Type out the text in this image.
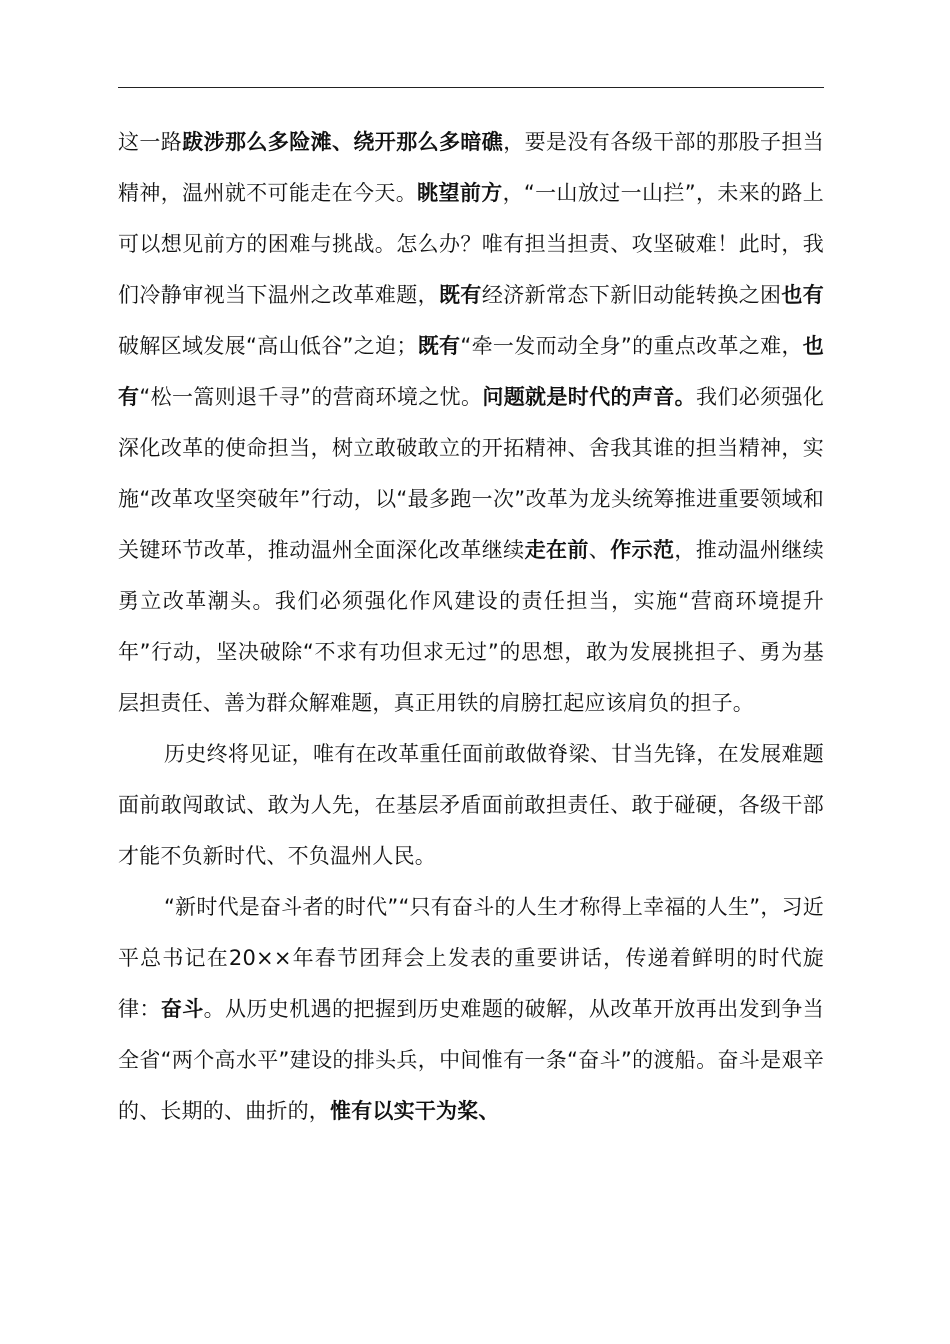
这一路跋涉那么多险滩、绕开那么多暗礁，要是没有各级干部的那股子担当精神，温州就不可能走在今天。眺望前方，“一山放过一山拦”，未来的路上可以想见前方的困难与挑战。怎么办？唯有担当担责、攻坚破难！此时，我们冷静审视当下温州之改革难题，既有经济新常态下新旧动能转换之困也有破解区域发展“高山低谷”之迫；既有“牵一发而动全身”的重点改革之难，也有“松一篙则退千寻”的营商环境之忧。问题就是时代的声音。我们必须强化深化改革的使命担当，树立敢破敢立的开拓精神、舍我其谁的担当精神，实施“改革攻坚突破年”行动，以“最多跑一次”改革为龙头统筹推进重要领域和关键环节改革，推动温州全面深化改革继续走在前、作示范，推动温州继续勇立改革潮头。我们必须强化作风建设的责任担当，实施“营商环境提升年”行动，坚决破除“不求有功但求无过”的思想，敢为发展挑担子、勇为基层担责任、善为群众解难题，真正用铁的肩膀扛起应该肩负的担子。

历史终将见证，唯有在改革重任面前敢做脊梁、甘当先锋，在发展难题面前敢闯敢试、敢为人先，在基层矛盾面前敢担责任、敢于碰硬，各级干部才能不负新时代、不负温州人民。

“新时代是奋斗者的时代”“只有奋斗的人生才称得上幸福的人生”，习近平总书记在20××年春节团拜会上发表的重要讲话，传递着鲜明的时代旋律：奋斗。从历史机遇的把握到历史难题的破解，从改革开放再出发到争当全省“两个高水平”建设的排头兵，中间惟有一条“奋斗”的渡船。奋斗是艰辛的、长期的、曲折的，惟有以实干为桨、
